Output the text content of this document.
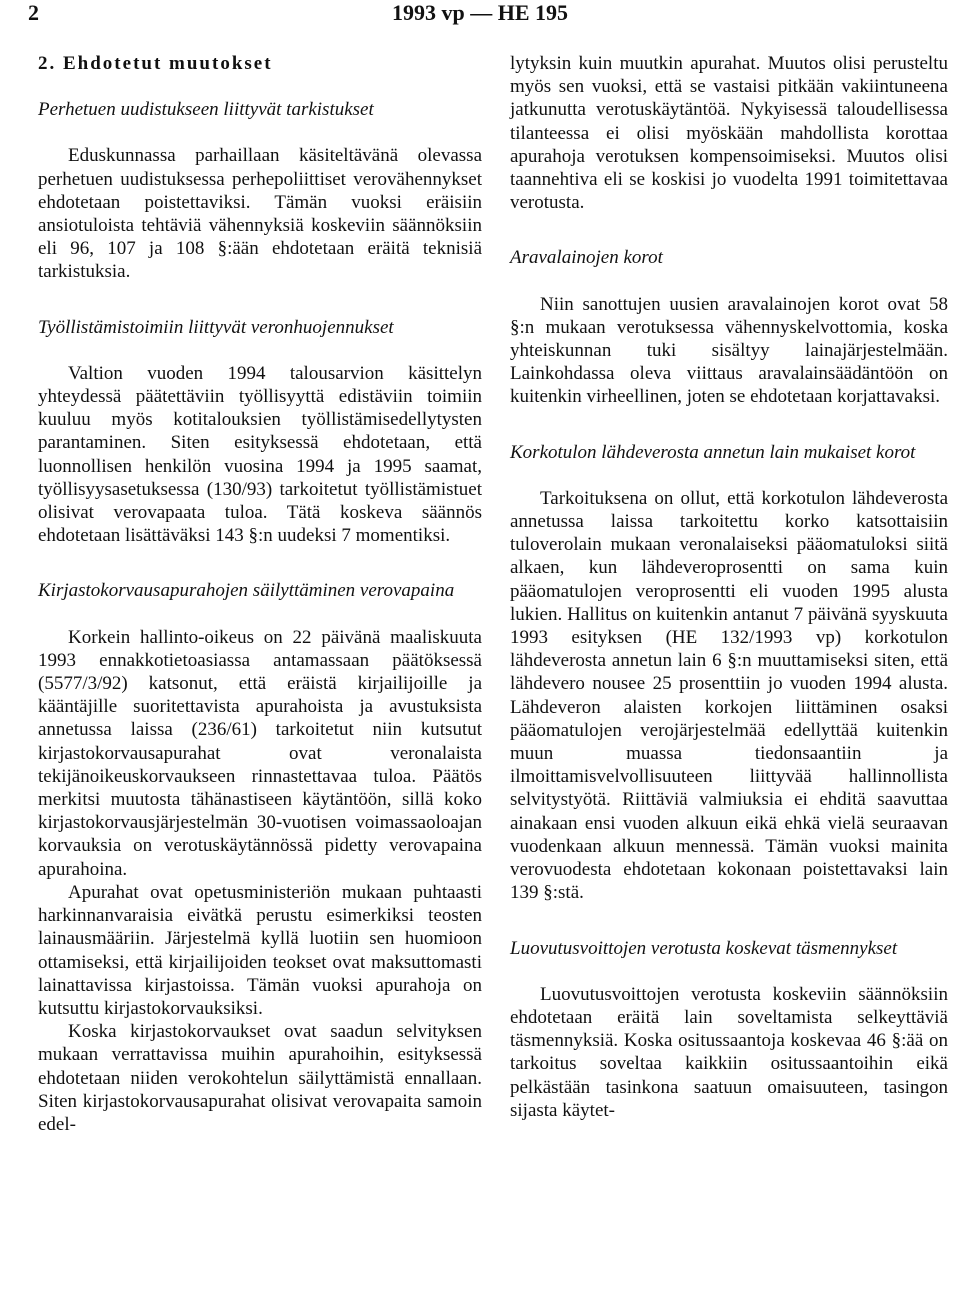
2	1993 vp — HE 195
2. Ehdotetut muutokset
Perhetuen uudistukseen liittyvät tarkistukset

Eduskunnassa parhaillaan käsiteltävänä olevassa perhetuen uudistuksessa perhepoliittiset verovähennykset ehdotetaan poistettaviksi. Tämän vuoksi eräisiin ansiotuloista tehtäviä vähennyksiä koskeviin säännöksiin eli 96, 107 ja 108 §:ään ehdotetaan eräitä teknisiä tarkistuksia.

Työllistämistoimiin liittyvät veronhuojennukset

Valtion vuoden 1994 talousarvion käsittelyn yhteydessä päätettäviin työllisyyttä edistäviin toimiin kuuluu myös kotitalouksien työllistämisedellytysten parantaminen. Siten esityksessä ehdotetaan, että luonnollisen henkilön vuosina 1994 ja 1995 saamat, työllisyysasetuksessa (130/93) tarkoitetut työllistämistuet olisivat verovapaata tuloa. Tätä koskeva säännös ehdotetaan lisättäväksi 143 §:n uudeksi 7 momentiksi.

Kirjastokorvausapurahojen säilyttäminen verovapaina

Korkein hallinto-oikeus on 22 päivänä maaliskuuta 1993 ennakkotietoasiassa antamassaan päätöksessä (5577/3/92) katsonut, että eräistä kirjailijoille ja kääntäjille suoritettavista apurahoista ja avustuksista annetussa laissa (236/61) tarkoitetut niin kutsutut kirjastokorvausapurahat ovat veronalaista tekijänoikeuskorvaukseen rinnastettavaa tuloa. Päätös merkitsi muutosta tähänastiseen käytäntöön, sillä koko kirjastokorvausjärjestelmän 30-vuotisen voimassaoloajan korvauksia on verotuskäytännössä pidetty verovapaina apurahoina.

Apurahat ovat opetusministeriön mukaan puhtaasti harkinnanvaraisia eivätkä perustu esimerkiksi teosten lainausmääriin. Järjestelmä kyllä luotiin sen huomioon ottamiseksi, että kirjailijoiden teokset ovat maksuttomasti lainattavissa kirjastoissa. Tämän vuoksi apurahoja on kutsuttu kirjastokorvauksiksi.

Koska kirjastokorvaukset ovat saadun selvityksen mukaan verrattavissa muihin apurahoihin, esityksessä ehdotetaan niiden verokohtelun säilyttämistä ennallaan. Siten kirjastokorvausapurahat olisivat verovapaita samoin edel-

lytyksin kuin muutkin apurahat. Muutos olisi perusteltu myös sen vuoksi, että se vastaisi pitkään vakiintuneena jatkunutta verotuskäytäntöä. Nykyisessä taloudellisessa tilanteessa ei olisi myöskään mahdollista korottaa apurahoja verotuksen kompensoimiseksi. Muutos olisi taannehtiva eli se koskisi jo vuodelta 1991 toimitettavaa verotusta.

Aravalainojen korot

Niin sanottujen uusien aravalainojen korot ovat 58 §:n mukaan verotuksessa vähennyskelvottomia, koska yhteiskunnan tuki sisältyy lainajärjestelmään. Lainkohdassa oleva viittaus aravalainsäädäntöön on kuitenkin virheellinen, joten se ehdotetaan korjattavaksi.

Korkotulon lähdeverosta annetun lain mukaiset korot

Tarkoituksena on ollut, että korkotulon lähdeverosta annetussa laissa tarkoitettu korko katsottaisiin tuloverolain mukaan veronalaiseksi pääomatuloksi siitä alkaen, kun lähdeveroprosentti on sama kuin pääomatulojen veroprosentti eli vuoden 1995 alusta lukien. Hallitus on kuitenkin antanut 7 päivänä syyskuuta 1993 esityksen (HE 132/1993 vp) korkotulon lähdeverosta annetun lain 6 §:n muuttamiseksi siten, että lähdevero nousee 25 prosenttiin jo vuoden 1994 alusta. Lähdeveron alaisten korkojen liittäminen osaksi pääomatulojen verojärjestelmää edellyttää kuitenkin muun muassa tiedonsaantiin ja ilmoittamisvelvollisuuteen liittyvää hallinnollista selvitystyötä. Riittäviä valmiuksia ei ehditä saavuttaa ainakaan ensi vuoden alkuun eikä ehkä vielä seuraavan vuodenkaan alkuun mennessä. Tämän vuoksi mainita verovuodesta ehdotetaan kokonaan poistettavaksi lain 139 §:stä.

Luovutusvoittojen verotusta koskevat täsmennykset

Luovutusvoittojen verotusta koskeviin säännöksiin ehdotetaan eräitä lain soveltamista selkeyttäviä täsmennyksiä. Koska ositussaantoja koskevaa 46 §:ää on tarkoitus soveltaa kaikkiin ositussaantoihin eikä pelkästään tasinkona saatuun omaisuuteen, tasingon sijasta käytet-
